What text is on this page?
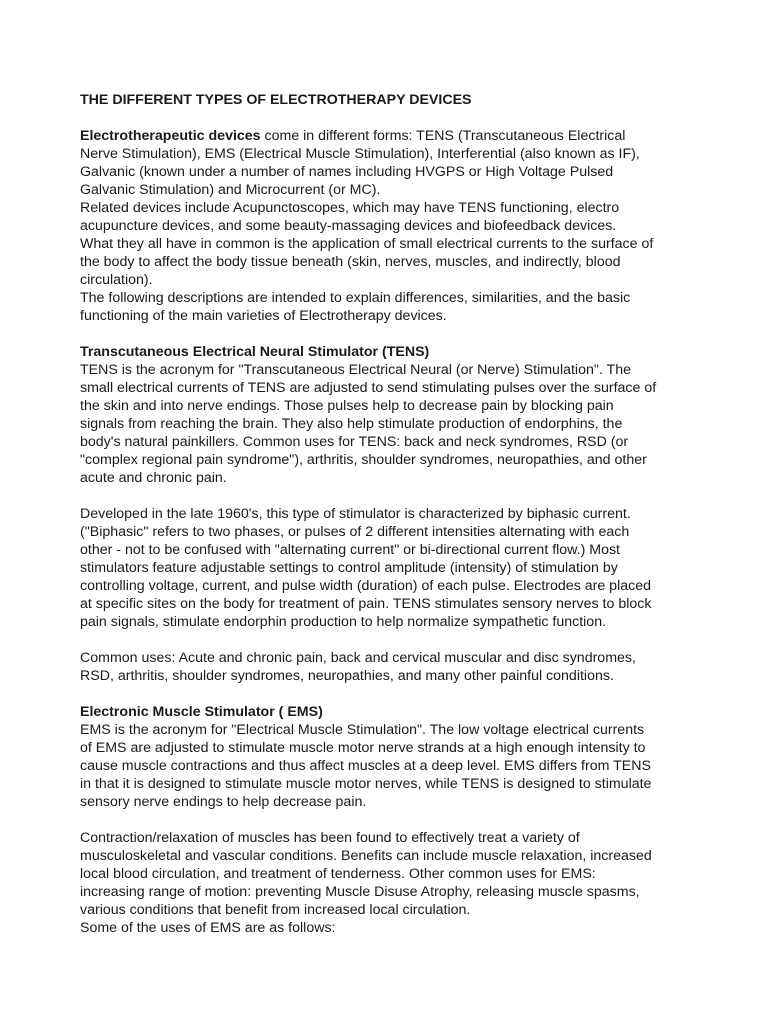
THE DIFFERENT TYPES OF ELECTROTHERAPY DEVICES
Electrotherapeutic devices come in different forms: TENS (Transcutaneous Electrical
Nerve Stimulation), EMS (Electrical Muscle Stimulation), Interferential (also known as IF),
Galvanic (known under a number of names including HVGPS or High Voltage Pulsed
Galvanic Stimulation) and Microcurrent (or MC).
Related devices include Acupunctoscopes, which may have TENS functioning, electro
acupuncture devices, and some beauty-massaging devices and biofeedback devices.
What they all have in common is the application of small electrical currents to the surface of
the body to affect the body tissue beneath (skin, nerves, muscles, and indirectly, blood
circulation).
The following descriptions are intended to explain differences, similarities, and the basic
functioning of the main varieties of Electrotherapy devices.
Transcutaneous Electrical Neural Stimulator (TENS)
TENS is the acronym for "Transcutaneous Electrical Neural (or Nerve) Stimulation". The
small electrical currents of TENS are adjusted to send stimulating pulses over the surface of
the skin and into nerve endings. Those pulses help to decrease pain by blocking pain
signals from reaching the brain. They also help stimulate production of endorphins, the
body's natural painkillers. Common uses for TENS: back and neck syndromes, RSD (or
"complex regional pain syndrome"), arthritis, shoulder syndromes, neuropathies, and other
acute and chronic pain.
Developed in the late 1960's, this type of stimulator is characterized by biphasic current.
("Biphasic" refers to two phases, or pulses of 2 different intensities alternating with each
other - not to be confused with "alternating current" or bi-directional current flow.) Most
stimulators feature adjustable settings to control amplitude (intensity) of stimulation by
controlling voltage, current, and pulse width (duration) of each pulse. Electrodes are placed
at specific sites on the body for treatment of pain. TENS stimulates sensory nerves to block
pain signals, stimulate endorphin production to help normalize sympathetic function.
Common uses: Acute and chronic pain, back and cervical muscular and disc syndromes,
RSD, arthritis, shoulder syndromes, neuropathies, and many other painful conditions.
Electronic Muscle Stimulator ( EMS)
EMS is the acronym for "Electrical Muscle Stimulation". The low voltage electrical currents
of EMS are adjusted to stimulate muscle motor nerve strands at a high enough intensity to
cause muscle contractions and thus affect muscles at a deep level. EMS differs from TENS
in that it is designed to stimulate muscle motor nerves, while TENS is designed to stimulate
sensory nerve endings to help decrease pain.
Contraction/relaxation of muscles has been found to effectively treat a variety of
musculoskeletal and vascular conditions. Benefits can include muscle relaxation, increased
local blood circulation, and treatment of tenderness. Other common uses for EMS:
increasing range of motion: preventing Muscle Disuse Atrophy, releasing muscle spasms,
various conditions that benefit from increased local circulation.
Some of the uses of EMS are as follows:
